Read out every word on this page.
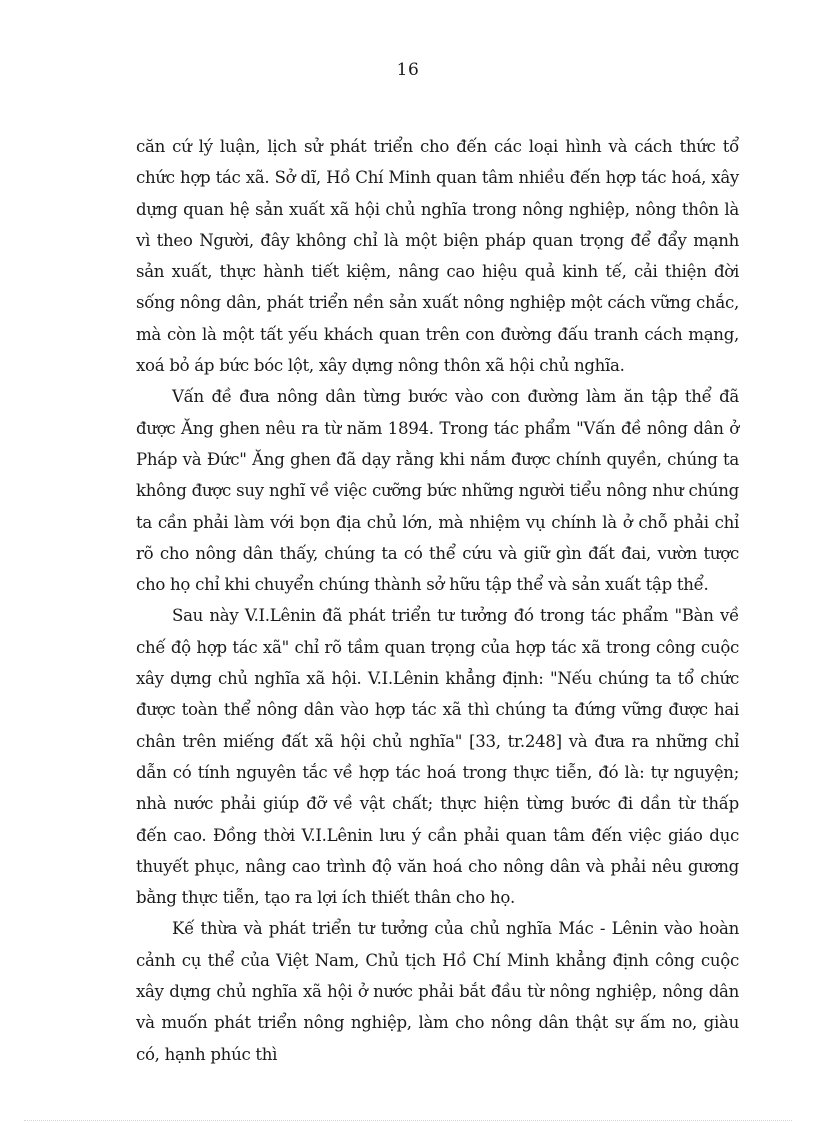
16

căn cứ lý luận, lịch sử phát triển cho đến các loại hình và cách thức tổ chức hợp tác xã. Sở dĩ, Hồ Chí Minh quan tâm nhiều đến hợp tác hoá, xây dựng quan hệ sản xuất xã hội chủ nghĩa trong nông nghiệp, nông thôn là vì theo Người, đây không chỉ là một biện pháp quan trọng để đẩy mạnh sản xuất, thực hành tiết kiệm, nâng cao hiệu quả kinh tế, cải thiện đời sống nông dân, phát triển nền sản xuất nông nghiệp một cách vững chắc, mà còn là một tất yếu khách quan trên con đường đấu tranh cách mạng, xoá bỏ áp bức bóc lột, xây dựng nông thôn xã hội chủ nghĩa.

Vấn đề đưa nông dân từng bước vào con đường làm ăn tập thể đã được Ăng ghen nêu ra từ năm 1894. Trong tác phẩm "Vấn đề nông dân ở Pháp và Đức" Ăng ghen đã dạy rằng khi nắm được chính quyền, chúng ta không được suy nghĩ về việc cưỡng bức những người tiểu nông như chúng ta cần phải làm với bọn địa chủ lớn, mà nhiệm vụ chính là ở chỗ phải chỉ rõ cho nông dân thấy, chúng ta có thể cứu và giữ gìn đất đai, vườn tược cho họ chỉ khi chuyển chúng thành sở hữu tập thể và sản xuất tập thể.

Sau này V.I.Lênin đã phát triển tư tưởng đó trong tác phẩm "Bàn về chế độ hợp tác xã" chỉ rõ tầm quan trọng của hợp tác xã trong công cuộc xây dựng chủ nghĩa xã hội. V.I.Lênin khẳng định: "Nếu chúng ta tổ chức được toàn thể nông dân vào hợp tác xã thì chúng ta đứng vững được hai chân trên miếng đất xã hội chủ nghĩa" [33, tr.248] và đưa ra những chỉ dẫn có tính nguyên tắc về hợp tác hoá trong thực tiễn, đó là: tự nguyện; nhà nước phải giúp đỡ về vật chất; thực hiện từng bước đi dần từ thấp đến cao. Đồng thời V.I.Lênin lưu ý cần phải quan tâm đến việc giáo dục thuyết phục, nâng cao trình độ văn hoá cho nông dân và phải nêu gương bằng thực tiễn, tạo ra lợi ích thiết thân cho họ.

Kế thừa và phát triển tư tưởng của chủ nghĩa Mác - Lênin vào hoàn cảnh cụ thể của Việt Nam, Chủ tịch Hồ Chí Minh khẳng định công cuộc xây dựng chủ nghĩa xã hội ở nước phải bắt đầu từ nông nghiệp, nông dân và muốn phát triển nông nghiệp, làm cho nông dân thật sự ấm no, giàu có, hạnh phúc thì
